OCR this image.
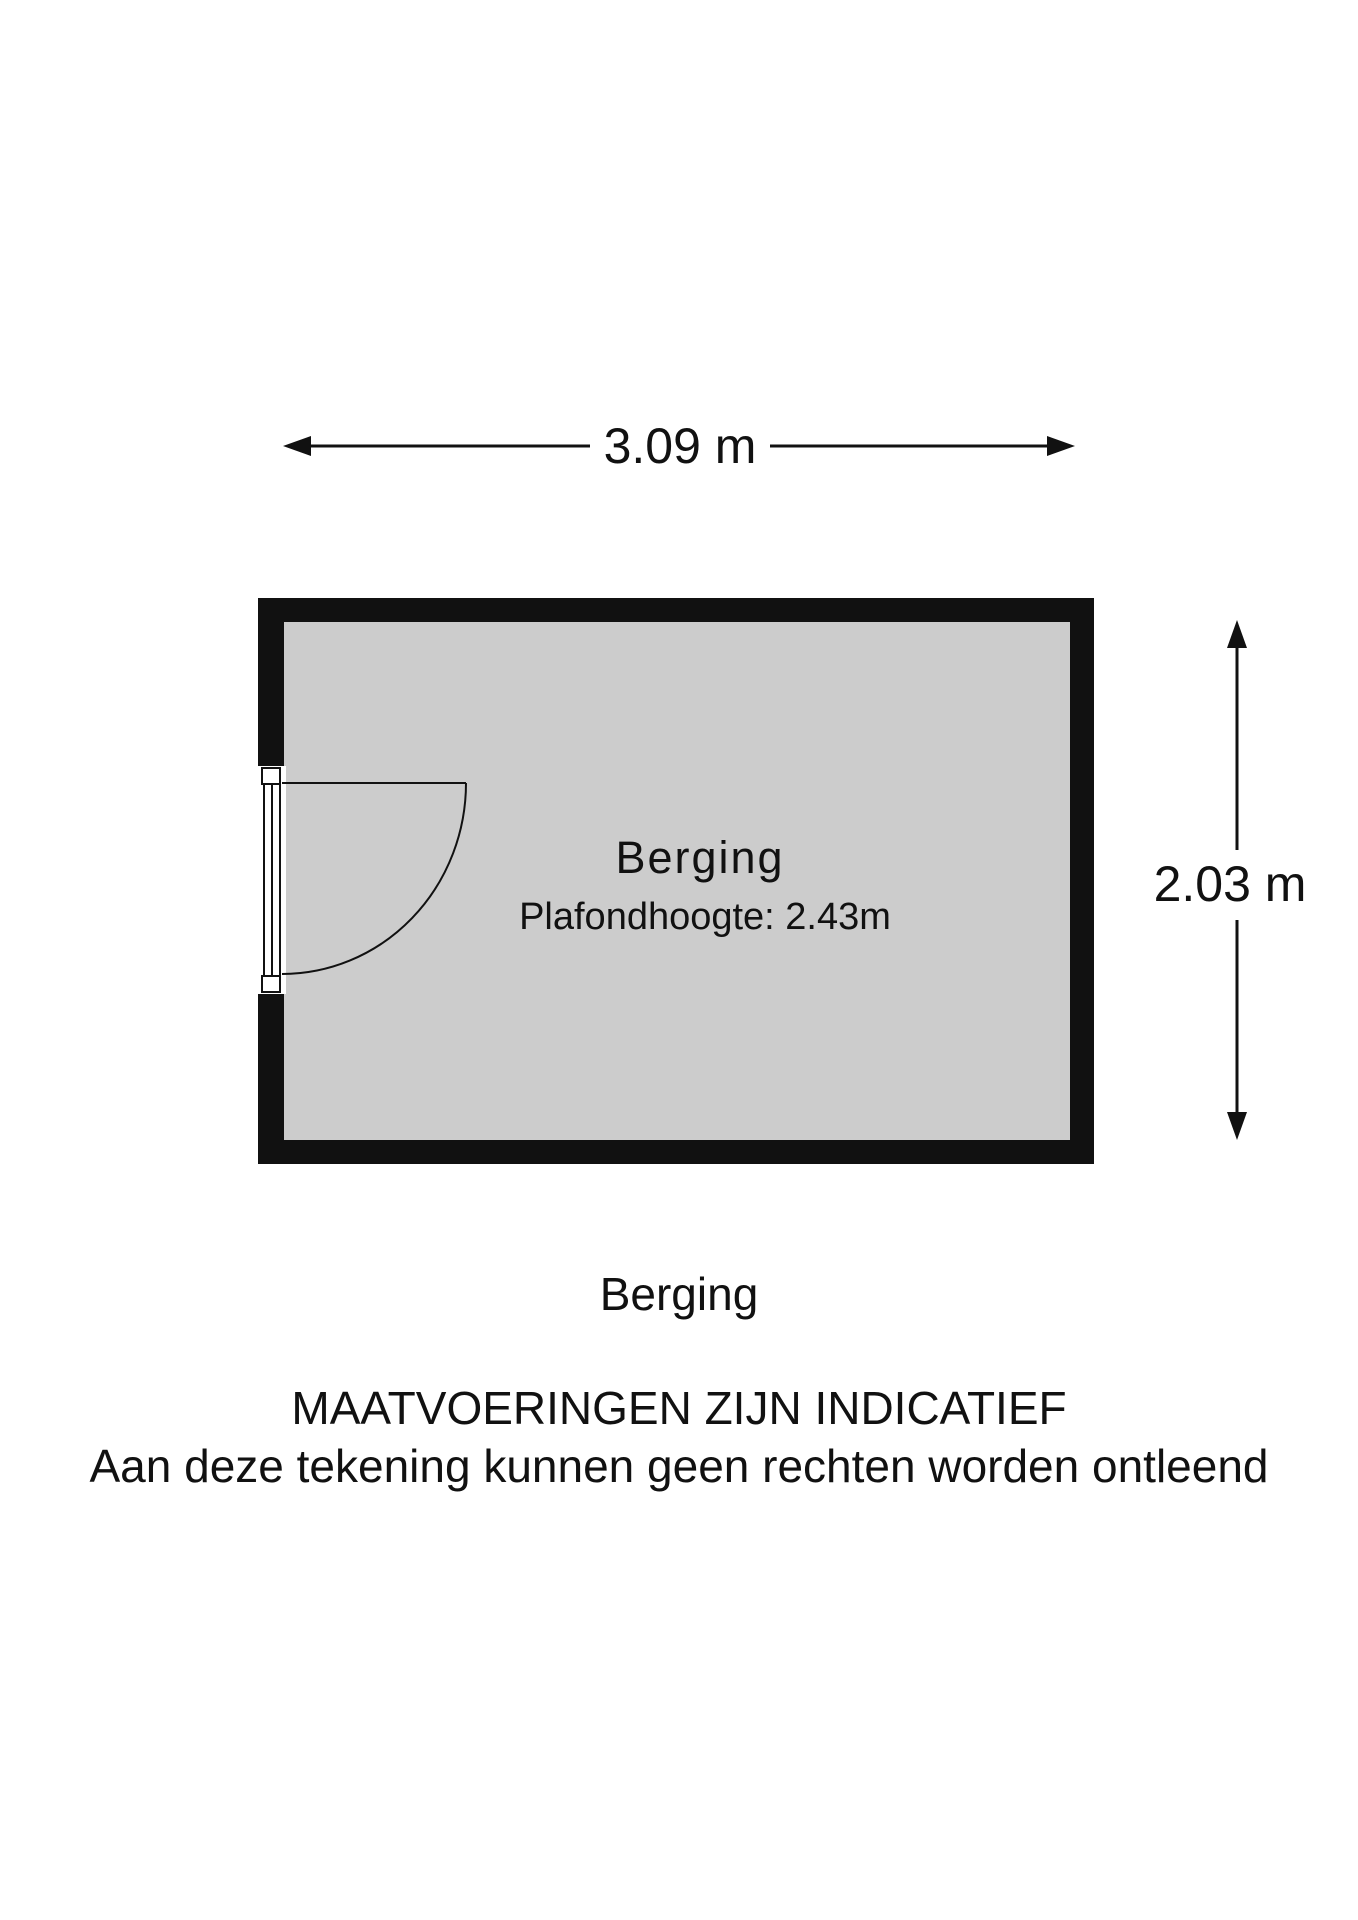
3.09 m
2.03 m
Berging
Plafondhoogte: 2.43m
Berging
MAATVOERINGEN ZIJN INDICATIEF
Aan deze tekening kunnen geen rechten worden ontleend
